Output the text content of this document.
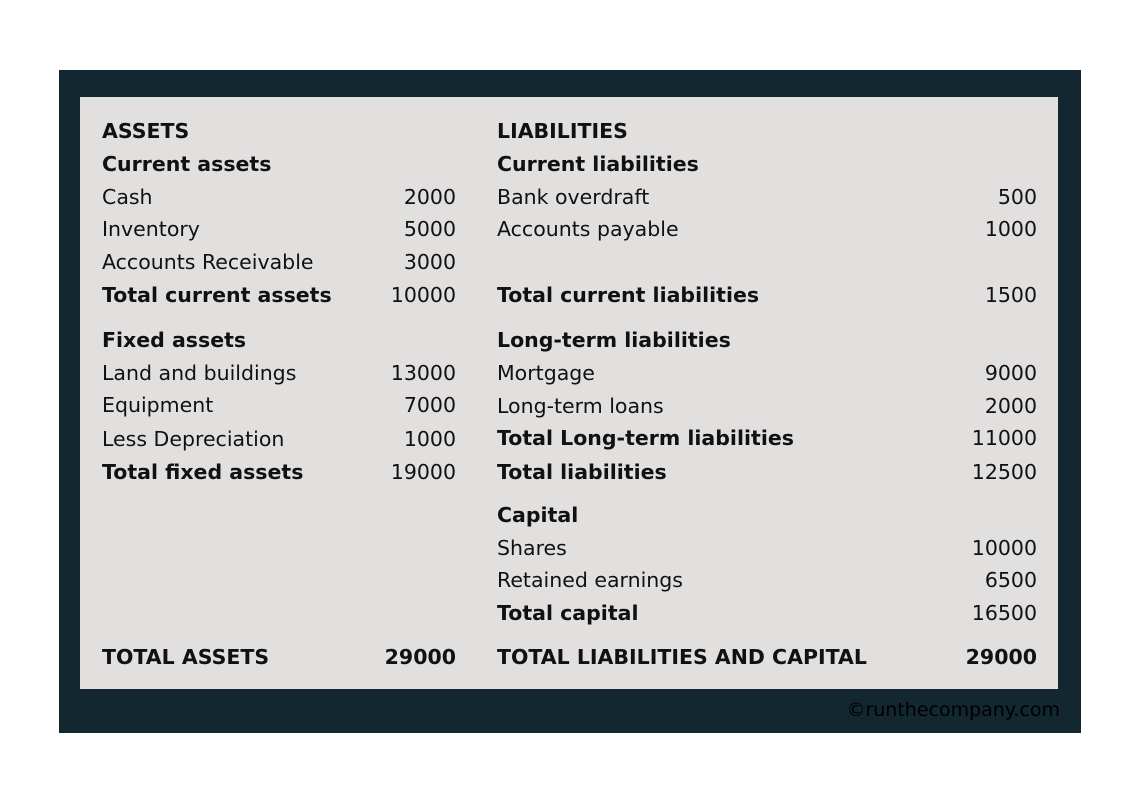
ASSETS
Current assets
Cash	2000
Inventory	5000
Accounts Receivable	3000
Total current assets	10000
Fixed assets
Land and buildings	13000
Equipment	7000
Less Depreciation	1000
Total fixed assets	19000
TOTAL ASSETS	29000
LIABILITIES
Current liabilities
Bank overdraft	500
Accounts payable	1000
Total current liabilities	1500
Long-term liabilities
Mortgage	9000
Long-term loans	2000
Total Long-term liabilities	11000
Total liabilities	12500
Capital
Shares	10000
Retained earnings	6500
Total capital	16500
TOTAL LIABILITIES AND CAPITAL	29000
©runthecompany.com
